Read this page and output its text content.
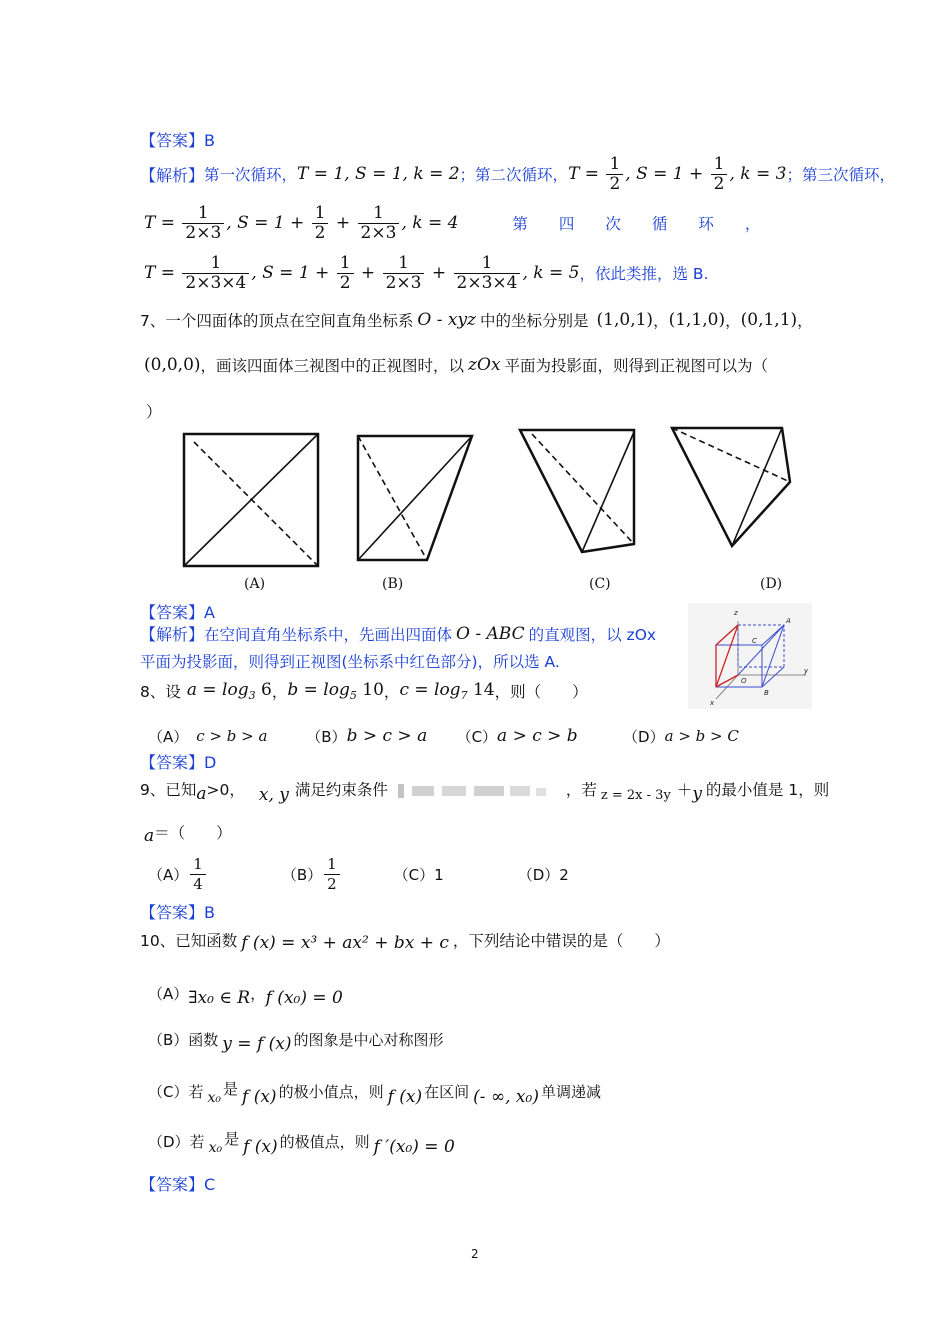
【答案】B
【解析】 第一次循环， T = 1, S = 1, k = 2 ；第二次循环， $T = \frac{1}{2}$ , $S = 1 + \frac{1}{2}$ , k = 3 ；第三次循环，
$T = \frac{1}{2\times 3}$ , $S = 1 + \frac{1}{2} + \frac{1}{2\times 3}$ , k = 4	第　　四　　次　　循　　环　　，
$T = \frac{1}{2\times 3\times 4}$ , $S = 1 + \frac{1}{2} + \frac{1}{2\times 3} + \frac{1}{2\times 3\times 4}$ , k = 5 ，依此类推，选 B.
7、一个四面体的顶点在空间直角坐标系 O - xyz 中的坐标分别是 (1,0,1) ， (1,1,0) ， (0,1,1) ，
(0,0,0) ，画该四面体三视图中的正视图时，以 zOx 平面为投影面，则得到正视图可以为（
）
(A)	(B)	(C)	(D)
【答案】A
【解析】 在空间直角坐标系中，先画出四面体 O - ABC 的直观图，以 zOx
平面为投影面，则得到正视图(坐标系中红色部分)，所以选 A.
z
C
A
O
y
B
x
8、设 $a = \log_3 6$ ， $b = \log_5 10$ ， $c = \log_7 14$ ，则（　　）
（A） c > b > a	（B） b > c > a	（C） a > c > b	（D） a > b > C
【答案】D
9、已知 a >0， x, y 满足约束条件	，若 z = 2x - 3y ＋ y 的最小值是 1，则
a ＝（　　）
$(A) \frac{1}{4}$	$(B) \frac{1}{2}$	（C）1	（D）2
【答案】B
10、已知函数 f (x) = x³ + ax² + bx + c ，下列结论中错误的是（　　）
（A） ∃x₀ ∈ R ， f (x₀) = 0
（B）函数 y = f (x) 的图象是中心对称图形
（C）若 x₀
是 f (x) 的极小值点，则 f (x) 在区间 (- ∞, x₀) 单调递减
（D）若 x₀
是 f (x) 的极值点，则 f ′(x₀) = 0
【答案】C
2
